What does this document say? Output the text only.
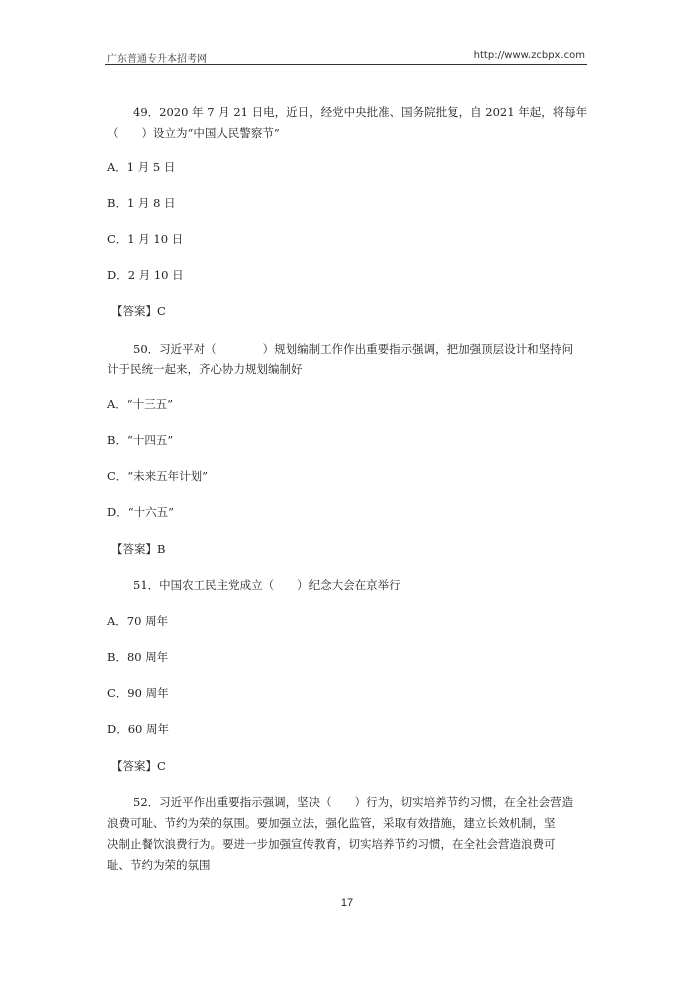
广东普通专升本招考网	http://www.zcbpx.com
49．2020 年 7 月 21 日电，近日，经党中央批准、国务院批复，自 2021 年起，将每年
（　　）设立为“中国人民警察节”
A．1 月 5 日
B．1 月 8 日
C．1 月 10 日
D．2 月 10 日
【答案】C
50．习近平对（　　　　）规划编制工作作出重要指示强调，把加强顶层设计和坚持问
计于民统一起来，齐心协力规划编制好
A．“十三五”
B．“十四五”
C．“未来五年计划”
D．“十六五”
【答案】B
51．中国农工民主党成立（　　）纪念大会在京举行
A．70 周年
B．80 周年
C．90 周年
D．60 周年
【答案】C
52．习近平作出重要指示强调，坚决（　　）行为，切实培养节约习惯，在全社会营造
浪费可耻、节约为荣的氛围。要加强立法，强化监管，采取有效措施，建立长效机制，坚
决制止餐饮浪费行为。要进一步加强宣传教育，切实培养节约习惯，在全社会营造浪费可
耻、节约为荣的氛围
17
